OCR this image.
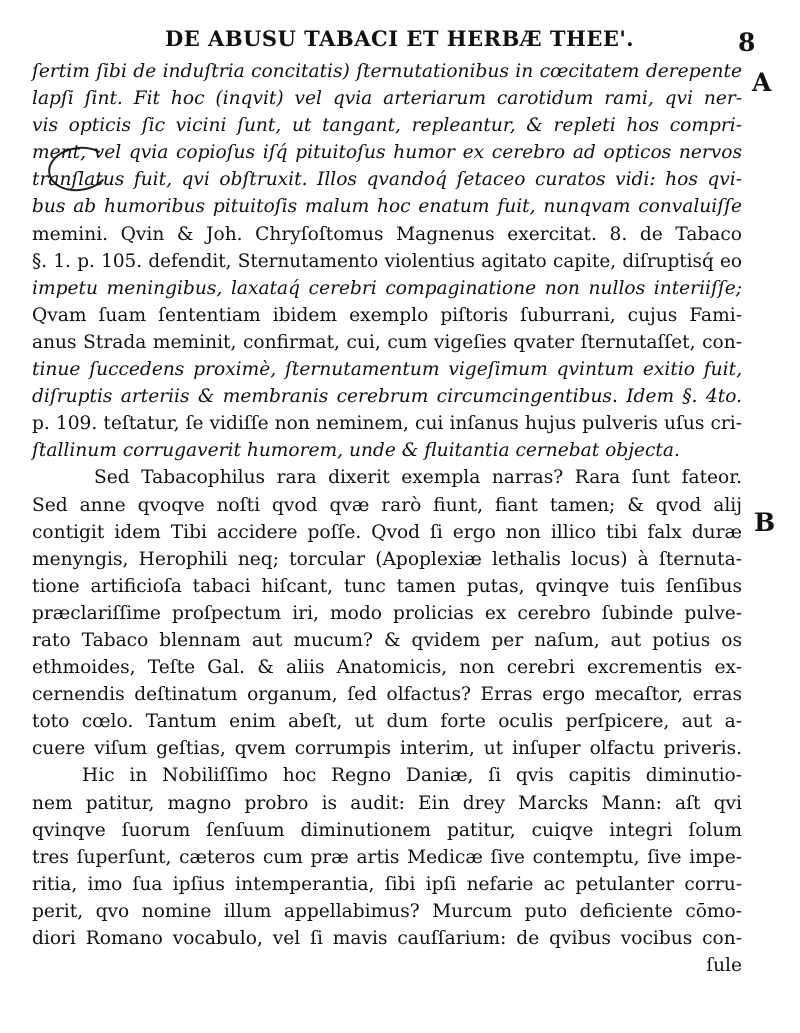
DE ABUSU TABACI ET HERBÆ THEE'.	8
A
B
ſertim ſibi de induſtria concitatis) ſternutationibus in cœcitatem derepente
lapſi ſint. Fit hoc (inqvit) vel qvia arteriarum carotidum rami, qvi ner-
vis opticis ſic vicini ſunt, ut tangant, repleantur, & repleti hos compri-
ment, vel qvia copioſus iſq́ pituitoſus humor ex cerebro ad opticos nervos
tranſlatus fuit, qvi obſtruxit. Illos qvandoq́ ſetaceo curatos vidi: hos qvi-
bus ab humoribus pituitoſis malum hoc enatum fuit, nunqvam convaluiſſe
memini. Qvin & Joh. Chryſoſtomus Magnenus exercitat. 8. de Tabaco
§. 1. p. 105. defendit, Sternutamento violentius agitato capite, diſruptisq́ eo
impetu meningibus, laxataq́ cerebri compaginatione non nullos interiiſſe;
Qvam ſuam ſententiam ibidem exemplo piſtoris ſuburrani, cujus Fami-
anus Strada meminit, confirmat, cui, cum vigeſies qvater ſternutaſſet, con-
tinue ſuccedens proximè, ſternutamentum vigeſimum qvintum exitio fuit,
diſruptis arteriis & membranis cerebrum circumcingentibus. Idem §. 4to.
p. 109. teſtatur, ſe vidiſſe non neminem, cui inſanus hujus pulveris uſus cri-
ſtallinum corrugaverit humorem, unde & fluitantia cernebat objecta.
Sed Tabacophilus rara dixerit exempla narras? Rara ſunt fateor.
Sed anne qvoqve noſti qvod qvæ rarò fiunt, fiant tamen; & qvod alij
contigit idem Tibi accidere poſſe. Qvod ſi ergo non illico tibi falx duræ
menyngis, Herophili neq; torcular (Apoplexiæ lethalis locus) à ſternuta-
tione artificioſa tabaci hiſcant, tunc tamen putas, qvinqve tuis ſenſibus
præclariſſime proſpectum iri, modo prolicias ex cerebro ſubinde pulve-
rato Tabaco blennam aut mucum? & qvidem per naſum, aut potius os
ethmoides, Teſte Gal. & aliis Anatomicis, non cerebri excrementis ex-
cernendis deſtinatum organum, ſed olfactus? Erras ergo mecaſtor, erras
toto cœlo. Tantum enim abeſt, ut dum forte oculis perſpicere, aut a-
cuere viſum geſtias, qvem corrumpis interim, ut inſuper olfactu priveris.
Hic in Nobiliſſimo hoc Regno Daniæ, ſi qvis capitis diminutio-
nem patitur, magno probro is audit: Ein drey Marcks Mann: aſt qvi
qvinqve ſuorum ſenſuum diminutionem patitur, cuiqve integri ſolum
tres ſuperſunt, cæteros cum præ artis Medicæ ſive contemptu, ſive impe-
ritia, imo ſua ipſius intemperantia, ſibi ipſi nefarie ac petulanter corru-
perit, qvo nomine illum appellabimus? Murcum puto deficiente cōmo-
diori Romano vocabulo, vel ſi mavis cauſſarium: de qvibus vocibus con-
ſule
